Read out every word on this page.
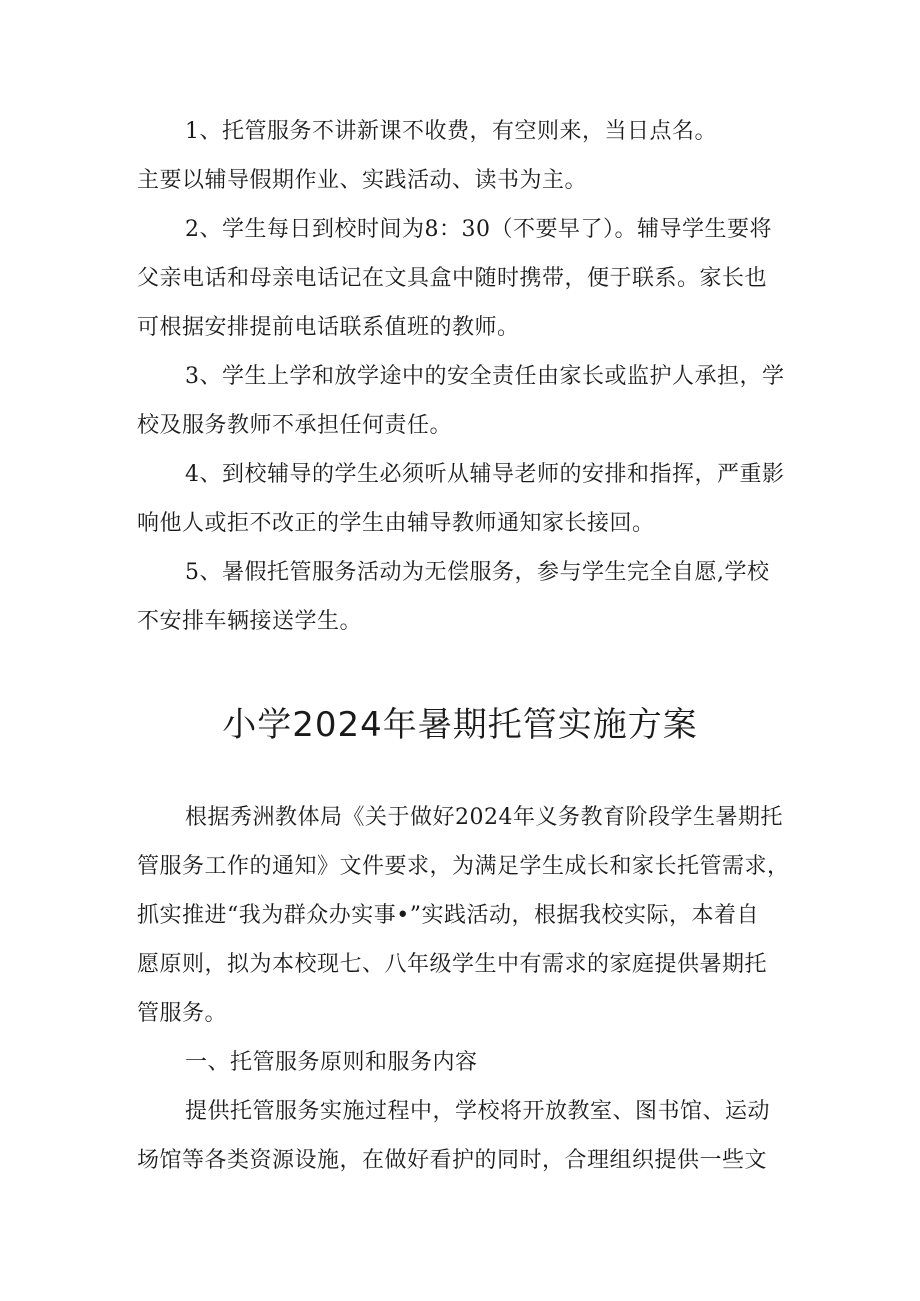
1、托管服务不讲新课不收费，有空则来，当日点名。
主要以辅导假期作业、实践活动、读书为主。
2、学生每日到校时间为8：30（不要早了）。辅导学生要将
父亲电话和母亲电话记在文具盒中随时携带，便于联系。家长也
可根据安排提前电话联系值班的教师。
3、学生上学和放学途中的安全责任由家长或监护人承担，学
校及服务教师不承担任何责任。
4、到校辅导的学生必须听从辅导老师的安排和指挥，严重影
响他人或拒不改正的学生由辅导教师通知家长接回。
5、暑假托管服务活动为无偿服务，参与学生完全自愿,学校
不安排车辆接送学生。
小学2024年暑期托管实施方案
根据秀洲教体局《关于做好2024年义务教育阶段学生暑期托
管服务工作的通知》文件要求，为满足学生成长和家长托管需求，
抓实推进“我为群众办实事•”实践活动，根据我校实际，本着自
愿原则，拟为本校现七、八年级学生中有需求的家庭提供暑期托
管服务。
一、托管服务原则和服务内容
提供托管服务实施过程中，学校将开放教室、图书馆、运动
场馆等各类资源设施，在做好看护的同时，合理组织提供一些文
